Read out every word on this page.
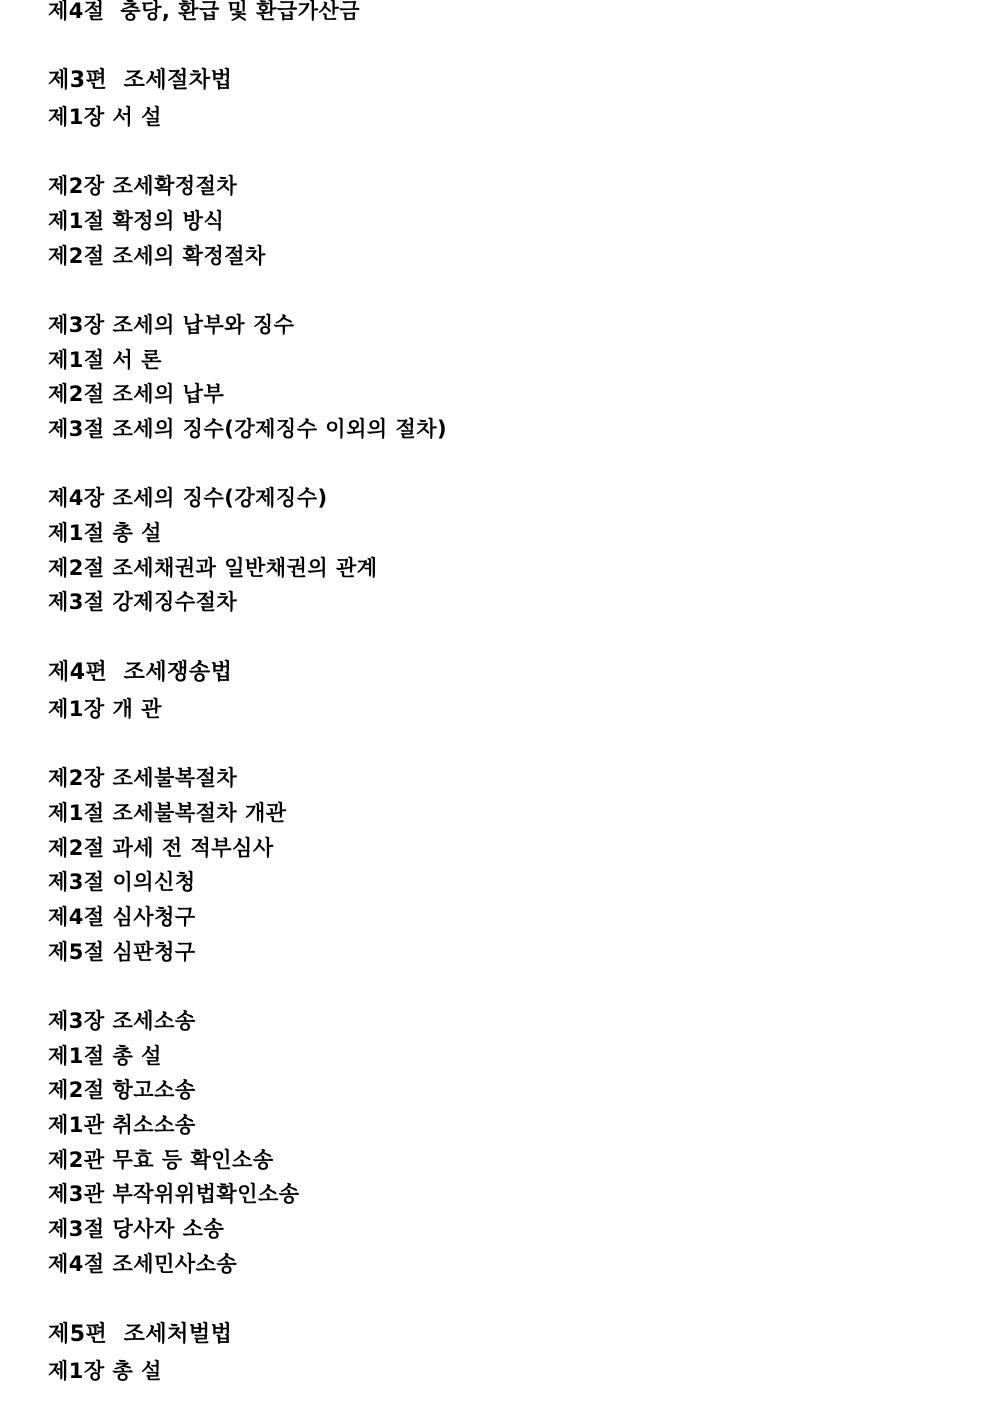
제4절  충당, 환급 및 환급가산금
제3편  조세절차법
제1장 서 설
제2장 조세확정절차
제1절 확정의 방식
제2절 조세의 확정절차
제3장 조세의 납부와 징수
제1절 서 론
제2절 조세의 납부
제3절 조세의 징수(강제징수 이외의 절차)
제4장 조세의 징수(강제징수)
제1절 총 설
제2절 조세채권과 일반채권의 관계
제3절 강제징수절차
제4편  조세쟁송법
제1장 개 관
제2장 조세불복절차
제1절 조세불복절차 개관
제2절 과세 전 적부심사
제3절 이의신청
제4절 심사청구
제5절 심판청구
제3장 조세소송
제1절 총 설
제2절 항고소송
제1관 취소소송
제2관 무효 등 확인소송
제3관 부작위위법확인소송
제3절 당사자 소송
제4절 조세민사소송
제5편  조세처벌법
제1장 총 설
